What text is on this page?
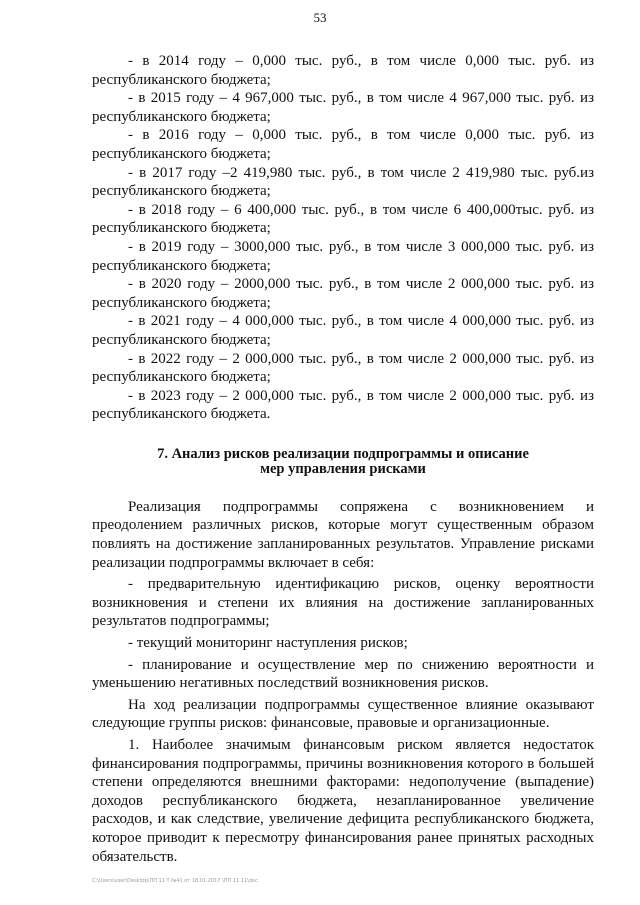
53
- в 2014 году – 0,000 тыс. руб., в том числе 0,000 тыс. руб. из
республиканского бюджета;
- в 2015 году – 4 967,000 тыс. руб., в том числе 4 967,000 тыс. руб. из
республиканского бюджета;
- в 2016 году – 0,000 тыс. руб., в том числе 0,000 тыс. руб. из
республиканского бюджета;
- в 2017 году –2 419,980 тыс. руб., в том числе 2 419,980 тыс. руб.из
республиканского бюджета;
- в 2018 году – 6 400,000 тыс. руб., в том числе 6 400,000тыс. руб. из
республиканского бюджета;
- в 2019 году – 3000,000 тыс. руб., в том числе 3 000,000 тыс. руб. из
республиканского бюджета;
- в 2020 году – 2000,000 тыс. руб., в том числе 2 000,000 тыс. руб. из
республиканского бюджета;
- в 2021 году – 4 000,000 тыс. руб., в том числе 4 000,000 тыс. руб. из
республиканского бюджета;
- в 2022 году – 2 000,000 тыс. руб., в том числе 2 000,000 тыс. руб. из
республиканского бюджета;
- в 2023 году – 2 000,000 тыс. руб., в том числе 2 000,000 тыс. руб. из
республиканского бюджета.
7. Анализ рисков реализации подпрограммы и описание
мер управления рисками
Реализация подпрограммы сопряжена с возникновением и
преодолением различных рисков, которые могут существенным образом
повлиять на достижение запланированных результатов. Управление рисками
реализации подпрограммы включает в себя:
- предварительную идентификацию рисков, оценку вероятности
возникновения и степени их влияния на достижение запланированных
результатов подпрограммы;
- текущий мониторинг наступления рисков;
- планирование и осуществление мер по снижению вероятности и
уменьшению негативных последствий возникновения рисков.
На ход реализации подпрограммы существенное влияние оказывают
следующие группы рисков: финансовые, правовые и организационные.
1. Наиболее значимым финансовым риском является недостаток
финансирования подпрограммы, причины возникновения которого в большей
степени определяются внешними факторами: недополучение (выпадение)
доходов республиканского бюджета, незапланированное увеличение
расходов, и как следствие, увеличение дефицита республиканского бюджета,
которое приводит к пересмотру финансирования ранее принятых расходных
обязательств.
C:\Users\user\Desktop\ПП 11 Т №41 от 18.01.2017 \ПП 11 11\doc
